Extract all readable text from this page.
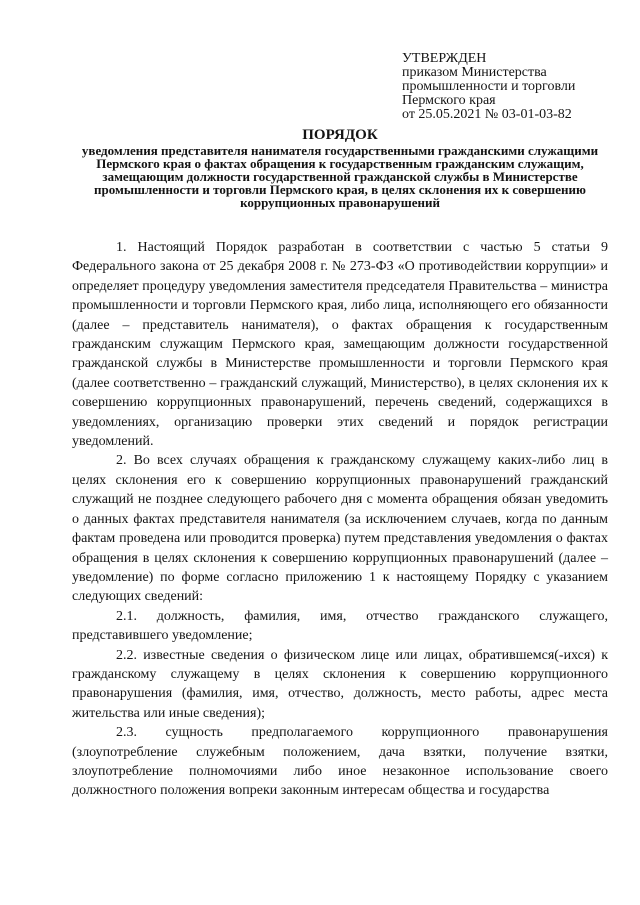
УТВЕРЖДЕН
приказом Министерства
промышленности и торговли
Пермского края
от 25.05.2021 № 03-01-03-82
ПОРЯДОК
уведомления представителя нанимателя государственными гражданскими служащими Пермского края о фактах обращения к государственным гражданским служащим, замещающим должности государственной гражданской службы в Министерстве промышленности и торговли Пермского края, в целях склонения их к совершению коррупционных правонарушений

1. Настоящий Порядок разработан в соответствии с частью 5 статьи 9 Федерального закона от 25 декабря 2008 г. № 273-ФЗ «О противодействии коррупции» и определяет процедуру уведомления заместителя председателя Правительства – министра промышленности и торговли Пермского края, либо лица, исполняющего его обязанности (далее – представитель нанимателя), о фактах обращения к государственным гражданским служащим Пермского края, замещающим должности государственной гражданской службы в Министерстве промышленности и торговли Пермского края (далее соответственно – гражданский служащий, Министерство), в целях склонения их к совершению коррупционных правонарушений, перечень сведений, содержащихся в уведомлениях, организацию проверки этих сведений и порядок регистрации уведомлений.

2. Во всех случаях обращения к гражданскому служащему каких-либо лиц в целях склонения его к совершению коррупционных правонарушений гражданский служащий не позднее следующего рабочего дня с момента обращения обязан уведомить о данных фактах представителя нанимателя (за исключением случаев, когда по данным фактам проведена или проводится проверка) путем представления уведомления о фактах обращения в целях склонения к совершению коррупционных правонарушений (далее – уведомление) по форме согласно приложению 1 к настоящему Порядку с указанием следующих сведений:

2.1. должность, фамилия, имя, отчество гражданского служащего, представившего уведомление;

2.2. известные сведения о физическом лице или лицах, обратившемся(-ихся) к гражданскому служащему в целях склонения к совершению коррупционного правонарушения (фамилия, имя, отчество, должность, место работы, адрес места жительства или иные сведения);

2.3. сущность предполагаемого коррупционного правонарушения (злоупотребление служебным положением, дача взятки, получение взятки, злоупотребление полномочиями либо иное незаконное использование своего должностного положения вопреки законным интересам общества и государства
